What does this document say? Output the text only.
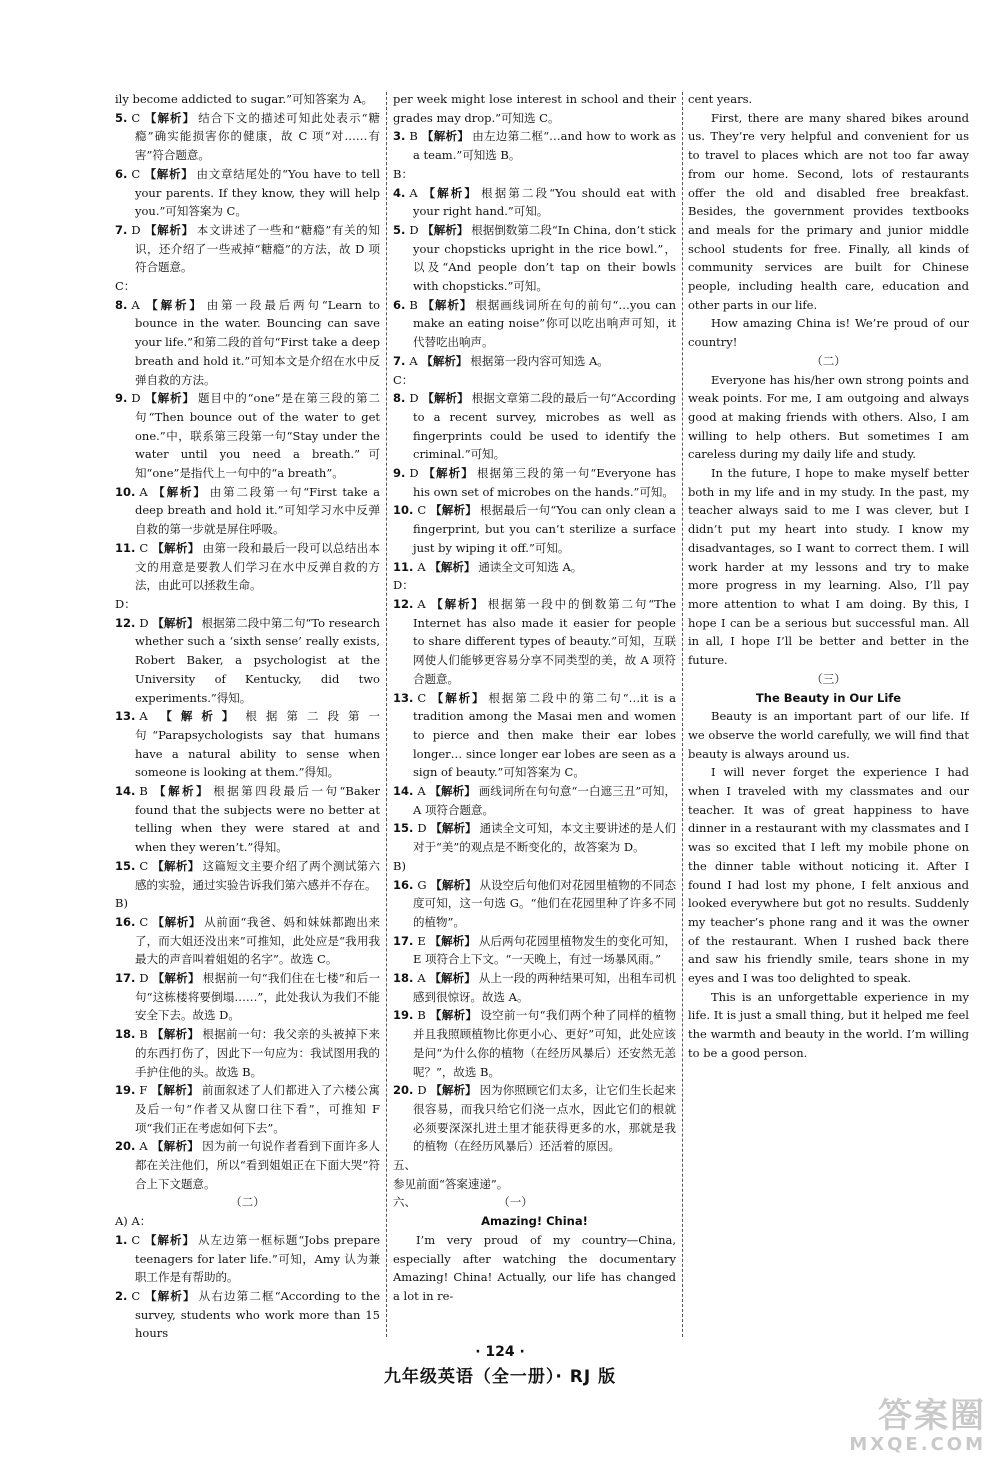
ily become addicted to sugar.”可知答案为 A。
5. C 【解析】 结合下文的描述可知此处表示“糖瘾”确实能损害你的健康，故 C 项“对……有害”符合题意。
6. C 【解析】 由文章结尾处的“You have to tell your parents. If they know, they will help you.”可知答案为 C。
7. D 【解析】 本文讲述了一些和“糖瘾”有关的知识，还介绍了一些戒掉“糖瘾”的方法，故 D 项符合题意。
C：
8. A 【解析】 由第一段最后两句“Learn to bounce in the water. Bouncing can save your life.”和第二段的首句“First take a deep breath and hold it.”可知本文是介绍在水中反弹自救的方法。
9. D 【解析】 题目中的“one”是在第三段的第二句“Then bounce out of the water to get one.”中，联系第三段第一句“Stay under the water until you need a breath.”可知“one”是指代上一句中的“a breath”。
10. A 【解析】 由第二段第一句“First take a deep breath and hold it.”可知学习水中反弹自救的第一步就是屏住呼吸。
11. C 【解析】 由第一段和最后一段可以总结出本文的用意是要教人们学习在水中反弹自救的方法，由此可以拯救生命。
D：
12. D 【解析】 根据第二段中第二句“To research whether such a ‘sixth sense’ really exists, Robert Baker, a psychologist at the University of Kentucky, did two experiments.”得知。
13. A 【解析】 根据第二段第一句“Parapsychologists say that humans have a natural ability to sense when someone is looking at them.”得知。
14. B 【解析】 根据第四段最后一句“Baker found that the subjects were no better at telling when they were stared at and when they weren’t.”得知。
15. C 【解析】 这篇短文主要介绍了两个测试第六感的实验，通过实验告诉我们第六感并不存在。
B)
16. C 【解析】 从前面“我爸、妈和妹妹都跑出来了，而大姐还没出来”可推知，此处应是“我用我最大的声音叫着姐姐的名字”。故选 C。
17. D 【解析】 根据前一句“我们住在七楼”和后一句“这栋楼将要倒塌……”，此处我认为我们不能安全下去。故选 D。
18. B 【解析】 根据前一句：我父亲的头被掉下来的东西打伤了，因此下一句应为：我试图用我的手护住他的头。故选 B。
19. F 【解析】 前面叙述了人们都进入了六楼公寓及后一句“作者又从窗口往下看”，可推知 F 项“我们正在考虑如何下去”。
20. A 【解析】 因为前一句说作者看到下面许多人都在关注他们，所以“看到姐姐正在下面大哭”符合上下文题意。
（二）
A) A：
1. C 【解析】 从左边第一框标题“Jobs prepare teenagers for later life.”可知，Amy 认为兼职工作是有帮助的。
2. C 【解析】 从右边第二框“According to the survey, students who work more than 15 hours
per week might lose interest in school and their grades may drop.”可知选 C。
3. B 【解析】 由左边第二框“…and how to work as a team.”可知选 B。
B：
4. A 【解析】 根据第二段“You should eat with your right hand.”可知。
5. D 【解析】 根据倒数第二段“In China, don’t stick your chopsticks upright in the rice bowl.”，以及“And people don’t tap on their bowls with chopsticks.”可知。
6. B 【解析】 根据画线词所在句的前句“…you can make an eating noise”你可以吃出响声可知，it 代替吃出响声。
7. A 【解析】 根据第一段内容可知选 A。
C：
8. D 【解析】 根据文章第二段的最后一句“According to a recent survey, microbes as well as fingerprints could be used to identify the criminal.”可知。
9. D 【解析】 根据第三段的第一句“Everyone has his own set of microbes on the hands.”可知。
10. C 【解析】 根据最后一句“You can only clean a fingerprint, but you can’t sterilize a surface just by wiping it off.”可知。
11. A 【解析】 通读全文可知选 A。
D：
12. A 【解析】 根据第一段中的倒数第二句“The Internet has also made it easier for people to share different types of beauty.”可知，互联网使人们能够更容易分享不同类型的美，故 A 项符合题意。
13. C 【解析】 根据第二段中的第二句“…it is a tradition among the Masai men and women to pierce and then make their ear lobes longer… since longer ear lobes are seen as a sign of beauty.”可知答案为 C。
14. A 【解析】 画线词所在句句意“一白遮三丑”可知，A 项符合题意。
15. D 【解析】 通读全文可知，本文主要讲述的是人们对于“美”的观点是不断变化的，故答案为 D。
B)
16. G 【解析】 从设空后句他们对花园里植物的不同态度可知，这一句选 G。“他们在花园里种了许多不同的植物”。
17. E 【解析】 从后两句花园里植物发生的变化可知，E 项符合上下文。“一天晚上，有过一场暴风雨。”
18. A 【解析】 从上一段的两种结果可知，出租车司机感到很惊讶。故选 A。
19. B 【解析】 设空前一句“我们两个种了同样的植物并且我照顾植物比你更小心、更好”可知，此处应该是问“为什么你的植物（在经历风暴后）还安然无恙呢？”，故选 B。
20. D 【解析】 因为你照顾它们太多，让它们生长起来很容易，而我只给它们浇一点水，因此它们的根就必须要深深扎进土里才能获得更多的水，那就是我的植物（在经历风暴后）还活着的原因。
五、
参见前面“答案速递”。
六、	（一）
Amazing! China!

I’m very proud of my country—China, especially after watching the documentary Amazing! China! Actually, our life has changed a lot in re-

cent years.

First, there are many shared bikes around us. They’re very helpful and convenient for us to travel to places which are not too far away from our home. Second, lots of restaurants offer the old and disabled free breakfast. Besides, the government provides textbooks and meals for the primary and junior middle school students for free. Finally, all kinds of community services are built for Chinese people, including health care, education and other parts in our life.

How amazing China is! We’re proud of our country!

（二）

Everyone has his/her own strong points and weak points. For me, I am outgoing and always good at making friends with others. Also, I am willing to help others. But sometimes I am careless during my daily life and study.

In the future, I hope to make myself better both in my life and in my study. In the past, my teacher always said to me I was clever, but I didn’t put my heart into study. I know my disadvantages, so I want to correct them. I will work harder at my lessons and try to make more progress in my learning. Also, I’ll pay more attention to what I am doing. By this, I hope I can be a serious but successful man. All in all, I hope I’ll be better and better in the future.

（三）
The Beauty in Our Life

Beauty is an important part of our life. If we observe the world carefully, we will find that beauty is always around us.

I will never forget the experience I had when I traveled with my classmates and our teacher. It was of great happiness to have dinner in a restaurant with my classmates and I was so excited that I left my mobile phone on the dinner table without noticing it. After I found I had lost my phone, I felt anxious and looked everywhere but got no results. Suddenly my teacher’s phone rang and it was the owner of the restaurant. When I rushed back there and saw his friendly smile, tears shone in my eyes and I was too delighted to speak.

This is an unforgettable experience in my life. It is just a small thing, but it helped me feel the warmth and beauty in the world. I’m willing to be a good person.

· 124 ·
九年级英语（全一册）· RJ 版
答案圈
MXQE.COM
